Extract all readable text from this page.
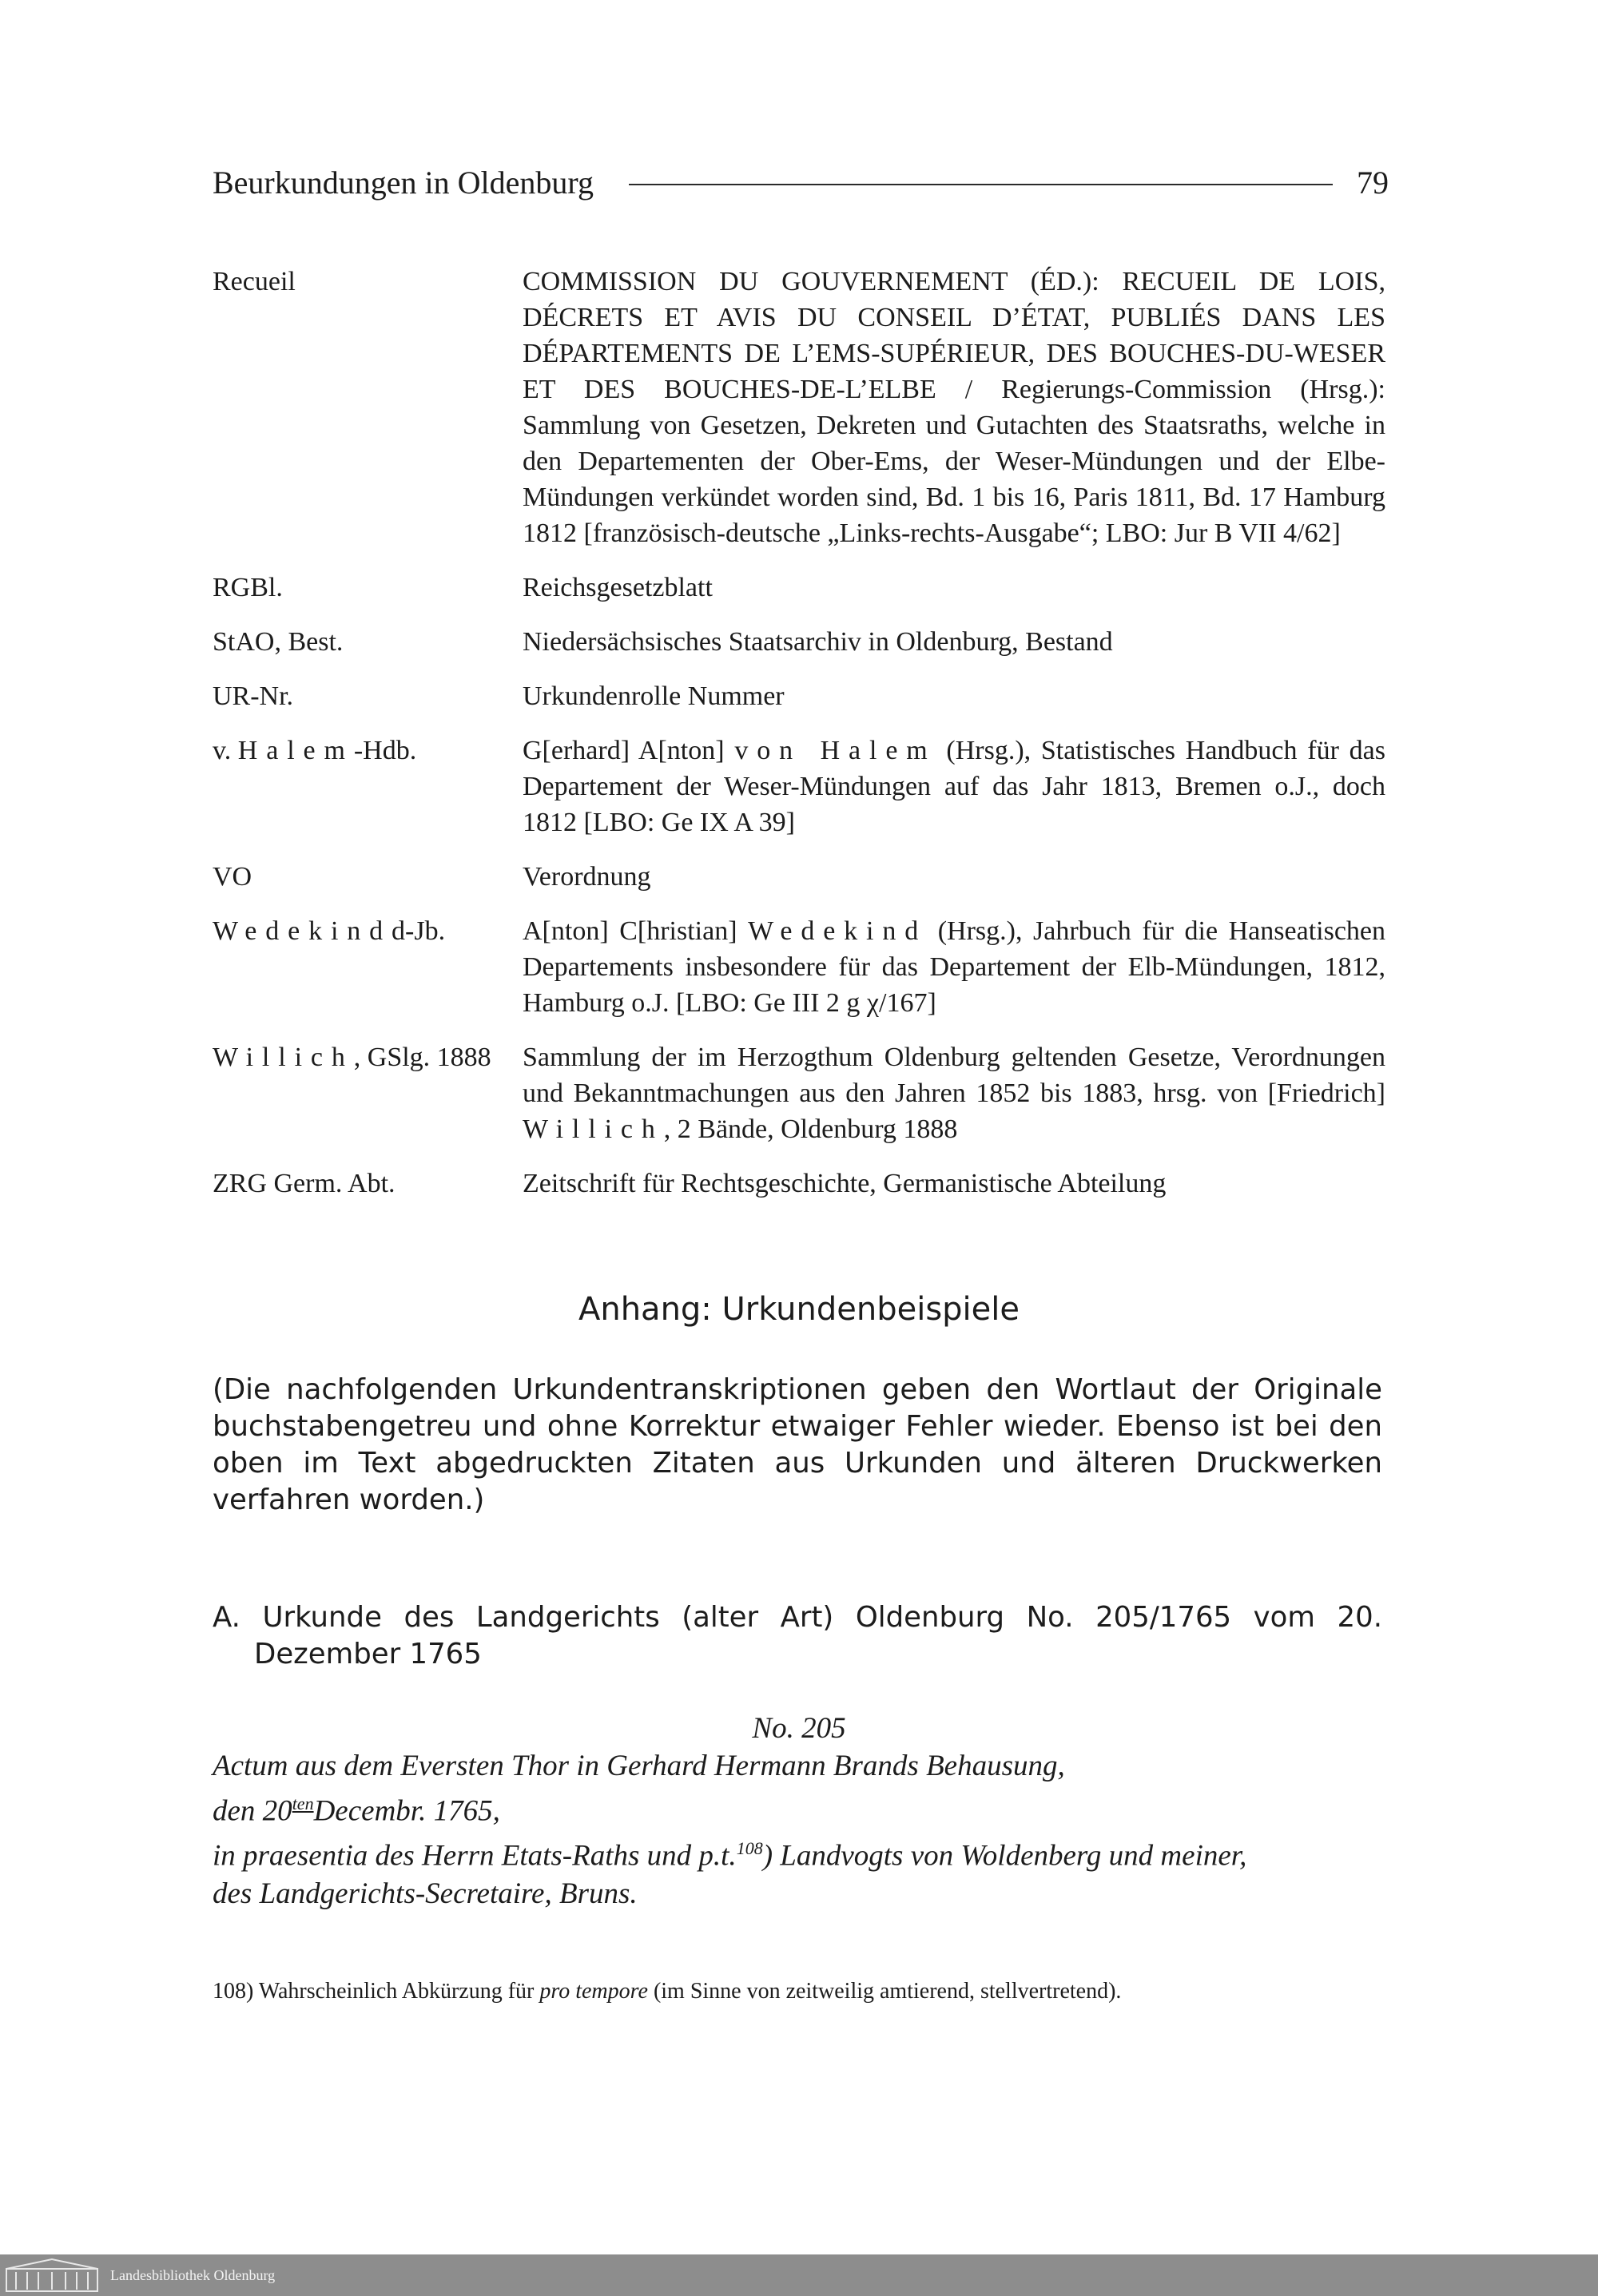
Beurkundungen in Oldenburg	79
Recueil	COMMISSION DU GOUVERNEMENT (ÉD.): RECUEIL DE LOIS, DÉCRETS ET AVIS DU CONSEIL D’ÉTAT, PUBLIÉS DANS LES DÉPARTEMENTS DE L’EMS-SUPÉRIEUR, DES BOUCHES-DU-WESER ET DES BOUCHES-DE-L’ELBE / Regierungs-Commission (Hrsg.): Sammlung von Gesetzen, Dekreten und Gutachten des Staatsraths, welche in den Departementen der Ober-Ems, der Weser-Mündungen und der Elbe-Mündungen verkündet worden sind, Bd. 1 bis 16, Paris 1811, Bd. 17 Hamburg 1812 [französisch-deutsche „Links-rechts-Ausgabe“; LBO: Jur B VII 4/62]
RGBl.	Reichsgesetzblatt
StAO, Best.	Niedersächsisches Staatsarchiv in Oldenburg, Bestand
UR-Nr.	Urkundenrolle Nummer
v. Halem-Hdb.	G[erhard] A[nton] von Halem (Hrsg.), Statistisches Handbuch für das Departement der Weser-Mündungen auf das Jahr 1813, Bremen o.J., doch 1812 [LBO: Ge IX A 39]
VO	Verordnung
Wedekindd-Jb.	A[nton] C[hristian] Wedekind (Hrsg.), Jahrbuch für die Hanseatischen Departements insbesondere für das Departement der Elb-Mündungen, 1812, Hamburg o.J. [LBO: Ge III 2 g χ/167]
Willich, GSlg. 1888	Sammlung der im Herzogthum Oldenburg geltenden Gesetze, Verordnungen und Bekanntmachungen aus den Jahren 1852 bis 1883, hrsg. von [Friedrich] Willich, 2 Bände, Oldenburg 1888
ZRG Germ. Abt.	Zeitschrift für Rechtsgeschichte, Germanistische Abteilung
Anhang: Urkundenbeispiele
(Die nachfolgenden Urkundentranskriptionen geben den Wortlaut der Originale buchstabengetreu und ohne Korrektur etwaiger Fehler wieder. Ebenso ist bei den oben im Text abgedruckten Zitaten aus Urkunden und älteren Druckwerken verfahren worden.)
A. Urkunde des Landgerichts (alter Art) Oldenburg No. 205/1765 vom 20. Dezember 1765
No. 205
Actum aus dem Eversten Thor in Gerhard Hermann Brands Behausung,
den $20^{ten}Decembr$. 1765,
in praesentia des Herrn Etats-Raths und p.t.$^{108}$) Landvogts von Woldenberg und meiner,
des Landgerichts-Secretaire, Bruns.
108) Wahrscheinlich Abkürzung für pro tempore (im Sinne von zeitweilig amtierend, stellvertretend).
Landesbibliothek Oldenburg
